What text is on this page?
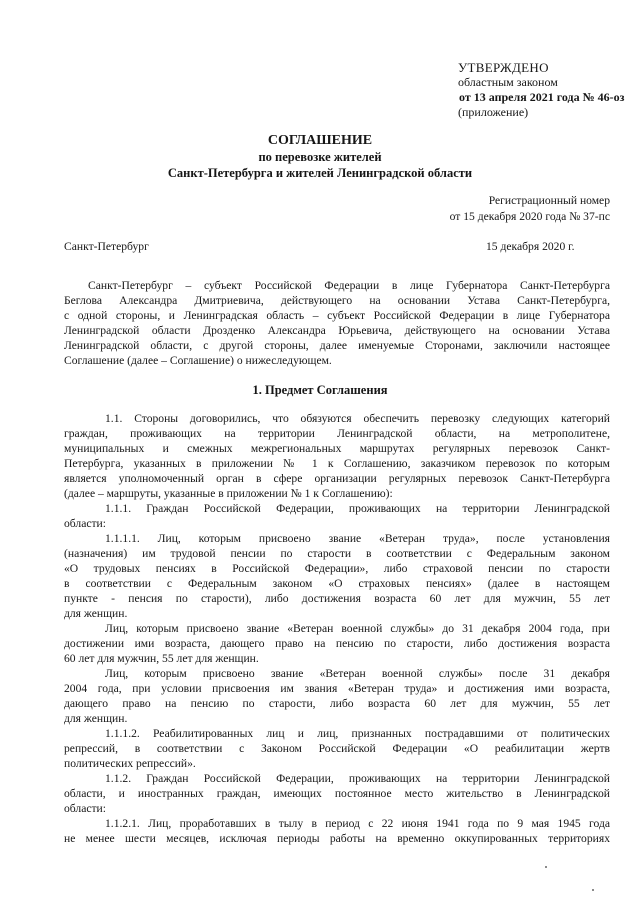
УТВЕРЖДЕНО
областным законом
от 13 апреля 2021 года № 46-оз
(приложение)
СОГЛАШЕНИЕ
по перевозке жителей
Санкт-Петербурга и жителей Ленинградской области
Регистрационный номер
от 15 декабря 2020 года № 37-пс
Санкт-Петербург	15 декабря 2020 г.
Санкт-Петербург – субъект Российской Федерации в лице Губернатора Санкт-Петербурга
Беглова Александра Дмитриевича, действующего на основании Устава Санкт-Петербурга,
с одной стороны, и Ленинградская область – субъект Российской Федерации в лице Губернатора
Ленинградской области Дрозденко Александра Юрьевича, действующего на основании Устава
Ленинградской области, с другой стороны, далее именуемые Сторонами, заключили настоящее
Соглашение (далее – Соглашение) о нижеследующем.
1. Предмет Соглашения
1.1. Стороны договорились, что обязуются обеспечить перевозку следующих категорий
граждан, проживающих на территории Ленинградской области, на метрополитене,
муниципальных и смежных межрегиональных маршрутах регулярных перевозок Санкт-
Петербурга, указанных в приложении № 1 к Соглашению, заказчиком перевозок по которым
является уполномоченный орган в сфере организации регулярных перевозок Санкт-Петербурга
(далее – маршруты, указанные в приложении № 1 к Соглашению):
1.1.1. Граждан Российской Федерации, проживающих на территории Ленинградской
области:
1.1.1.1. Лиц, которым присвоено звание «Ветеран труда», после установления
(назначения) им трудовой пенсии по старости в соответствии с Федеральным законом
«О трудовых пенсиях в Российской Федерации», либо страховой пенсии по старости
в соответствии с Федеральным законом «О страховых пенсиях» (далее в настоящем
пункте - пенсия по старости), либо достижения возраста 60 лет для мужчин, 55 лет
для женщин.
Лиц, которым присвоено звание «Ветеран военной службы» до 31 декабря 2004 года, при
достижении ими возраста, дающего право на пенсию по старости, либо достижения возраста
60 лет для мужчин, 55 лет для женщин.
Лиц, которым присвоено звание «Ветеран военной службы» после 31 декабря
2004 года, при условии присвоения им звания «Ветеран труда» и достижения ими возраста,
дающего право на пенсию по старости, либо возраста 60 лет для мужчин, 55 лет
для женщин.
1.1.1.2. Реабилитированных лиц и лиц, признанных пострадавшими от политических
репрессий, в соответствии с Законом Российской Федерации «О реабилитации жертв
политических репрессий».
1.1.2. Граждан Российской Федерации, проживающих на территории Ленинградской
области, и иностранных граждан, имеющих постоянное место жительство в Ленинградской
области:
1.1.2.1. Лиц, проработавших в тылу в период с 22 июня 1941 года по 9 мая 1945 года
не менее шести месяцев, исключая периоды работы на временно оккупированных территориях
